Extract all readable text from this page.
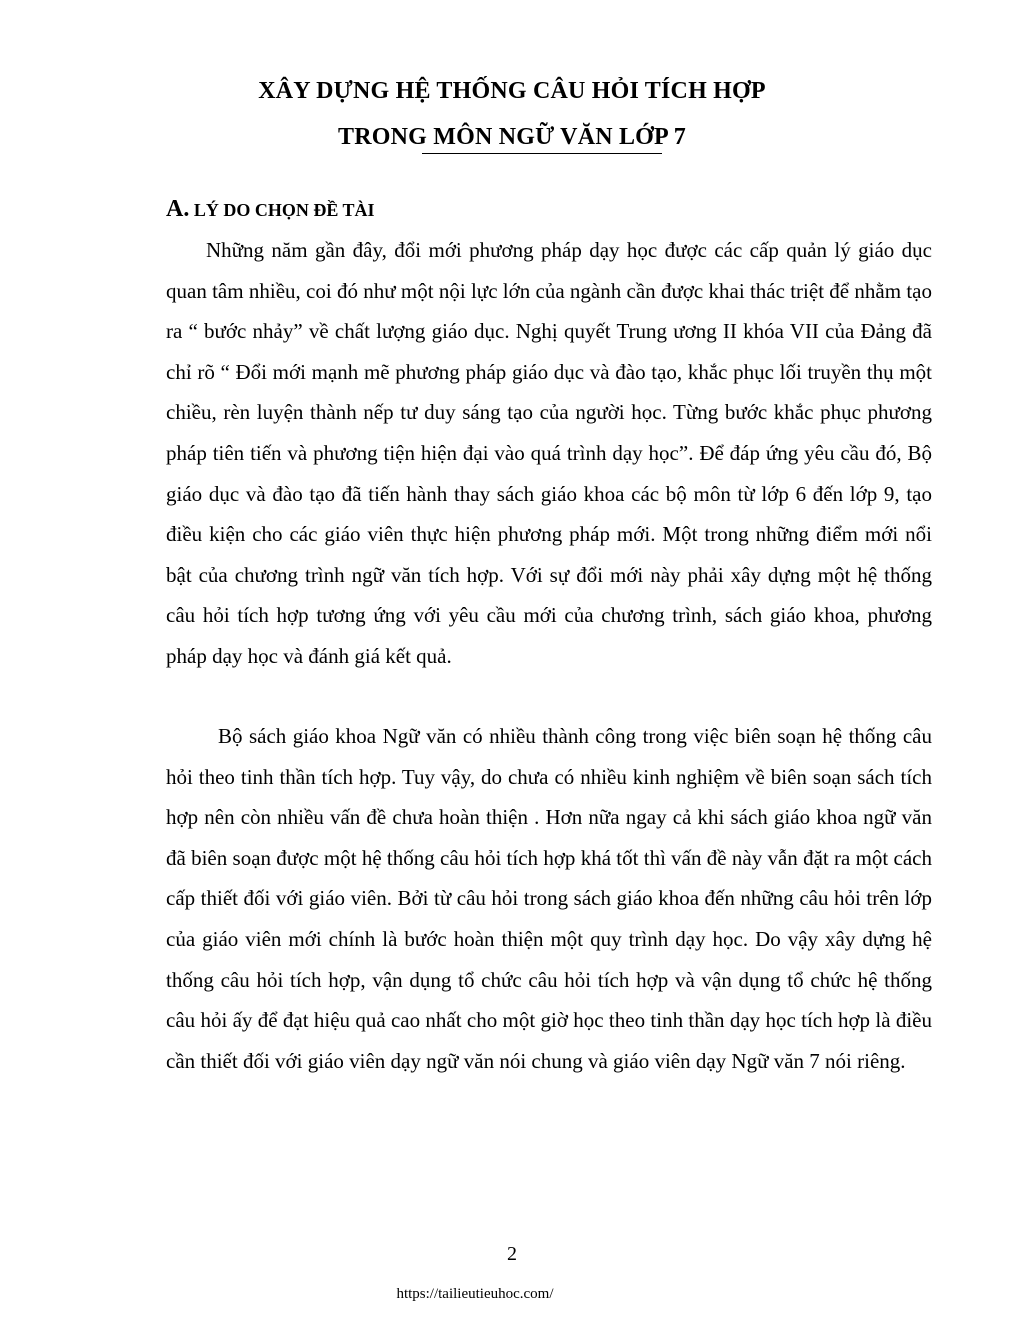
XÂY DỰNG HỆ THỐNG CÂU HỎI TÍCH HỢP
TRONG MÔN NGỮ VĂN LỚP 7
A. LÝ DO CHỌN ĐỀ TÀI

Những năm gần đây, đổi mới phương pháp dạy học được các cấp quản lý giáo dục quan tâm nhiều, coi đó như một nội lực lớn của ngành cần được khai thác triệt để nhằm tạo ra “ bước nhảy” về chất lượng giáo dục. Nghị quyết Trung ương II khóa VII của Đảng đã chỉ rõ “ Đổi mới mạnh mẽ phương pháp giáo dục và đào tạo, khắc phục lối truyền thụ một chiều, rèn luyện thành nếp tư duy sáng tạo của người học. Từng bước khắc phục phương pháp tiên tiến và phương tiện hiện đại vào quá trình dạy học”. Để đáp ứng yêu cầu đó, Bộ giáo dục và đào tạo đã tiến hành thay sách giáo khoa các bộ môn từ lớp 6 đến lớp 9, tạo điều kiện cho các giáo viên thực hiện phương pháp mới. Một trong những điểm mới nổi bật của chương trình ngữ văn tích hợp. Với sự đổi mới này phải xây dựng một hệ thống câu hỏi tích hợp tương ứng với yêu cầu mới của chương trình, sách giáo khoa, phương pháp dạy học và đánh giá kết quả.

Bộ sách giáo khoa Ngữ văn có nhiều thành công trong việc biên soạn hệ thống câu hỏi theo tinh thần tích hợp. Tuy vậy, do chưa có nhiều kinh nghiệm về biên soạn sách tích hợp nên còn nhiều vấn đề chưa hoàn thiện . Hơn nữa ngay cả khi sách giáo khoa ngữ văn đã biên soạn được một hệ thống câu hỏi tích hợp khá tốt thì vấn đề này vẫn đặt ra một cách cấp thiết đối với giáo viên. Bởi từ câu hỏi trong sách giáo khoa đến những câu hỏi trên lớp của giáo viên mới chính là bước hoàn thiện một quy trình dạy học. Do vậy xây dựng hệ thống câu hỏi tích hợp, vận dụng tổ chức câu hỏi tích hợp và vận dụng tổ chức hệ thống câu hỏi ấy để đạt hiệu quả cao nhất cho một giờ học theo tinh thần dạy học tích hợp là điều cần thiết đối với giáo viên dạy ngữ văn nói chung và giáo viên dạy Ngữ văn 7 nói riêng.

2
https://tailieutieuhoc.com/
